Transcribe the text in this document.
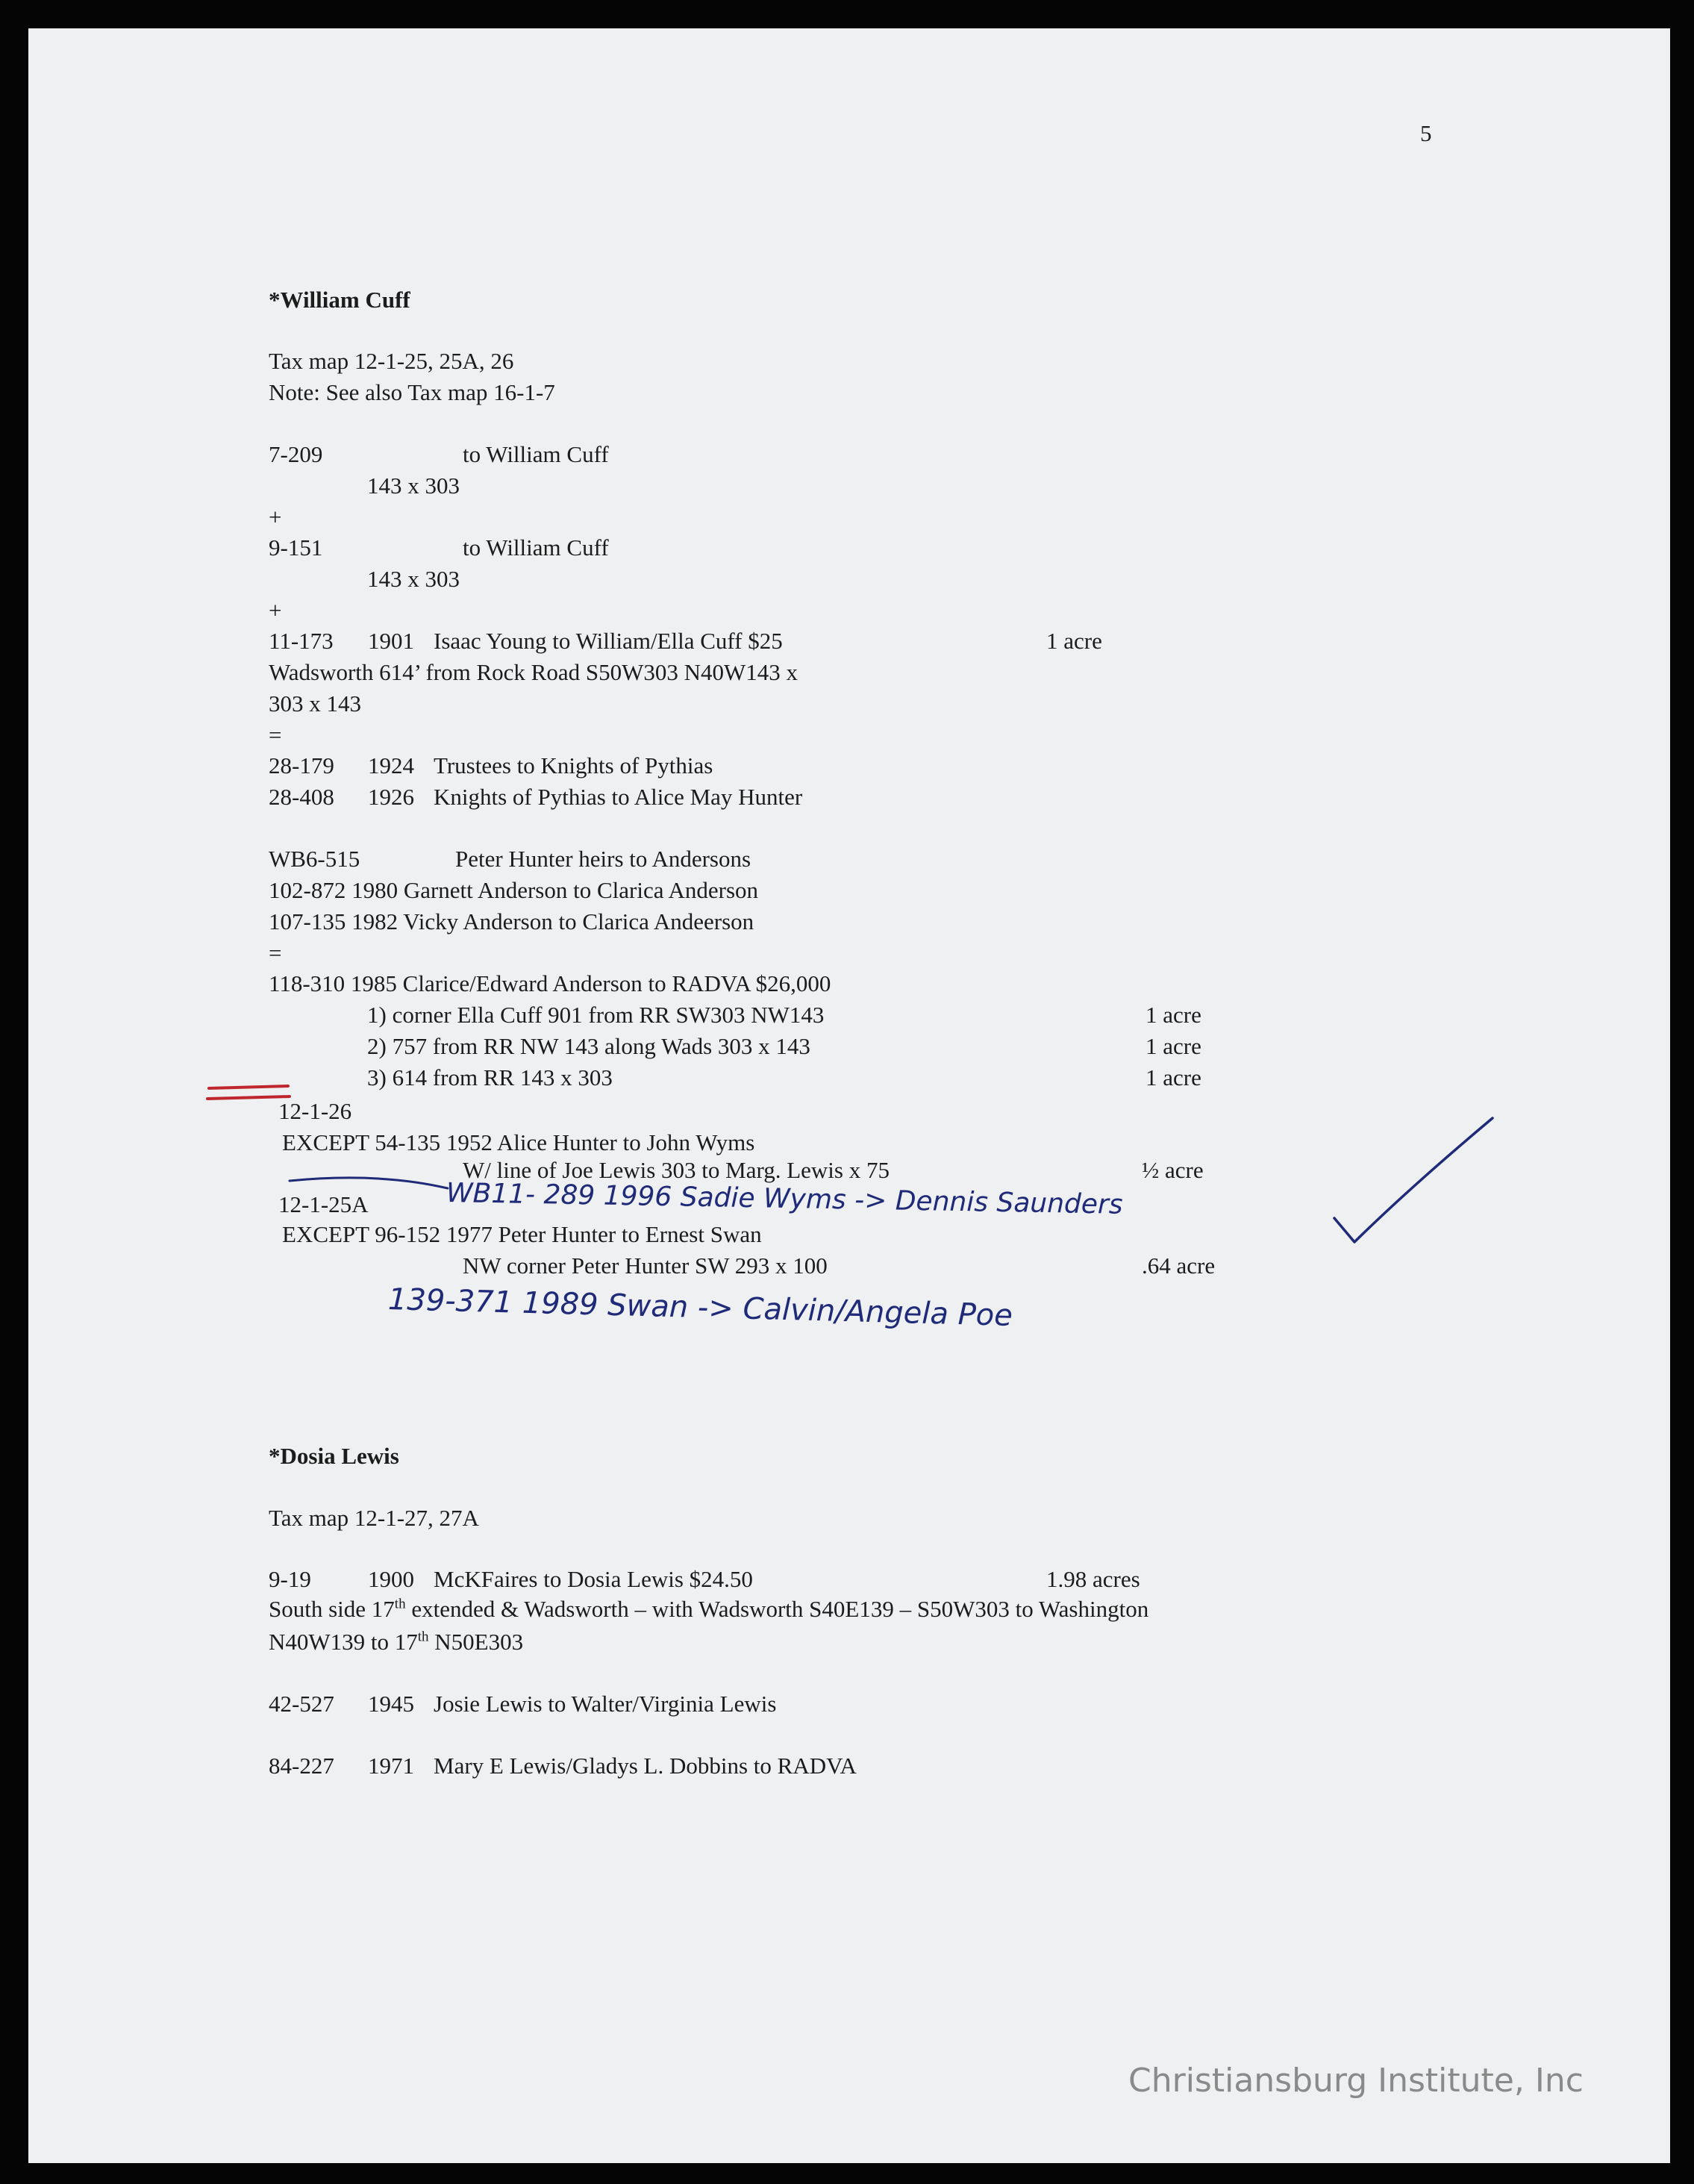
5
*William Cuff
Tax map 12-1-25, 25A, 26
Note: See also Tax map 16-1-7
7-209	to William Cuff
143 x 303
+
9-151	to William Cuff
143 x 303
+
11-173 1901 Isaac Young to William/Ella Cuff $25	1 acre
Wadsworth 614’ from Rock Road S50W303 N40W143 x
303 x 143
=
28-179 1924 Trustees to Knights of Pythias
28-408 1926 Knights of Pythias to Alice May Hunter
WB6-515	Peter Hunter heirs to Andersons
102-872 1980 Garnett Anderson to Clarica Anderson
107-135 1982 Vicky Anderson to Clarica Andeerson
=
118-310 1985 Clarice/Edward Anderson to RADVA $26,000
1) corner Ella Cuff 901 from RR SW303 NW143	1 acre
2) 757 from RR NW 143 along Wads 303 x 143	1 acre
3) 614 from RR 143 x 303	1 acre
12-1-26
EXCEPT 54-135 1952 Alice Hunter to John Wyms
W/ line of Joe Lewis 303 to Marg. Lewis x 75	½ acre
12-1-25A
EXCEPT 96-152 1977 Peter Hunter to Ernest Swan
NW corner Peter Hunter SW 293 x 100	.64 acre
WB11- 289 1996 Sadie Wyms -> Dennis Saunders
139-371 1989 Swan -> Calvin/Angela Poe
*Dosia Lewis
Tax map 12-1-27, 27A
9-19 1900 McKFaires to Dosia Lewis $24.50	1.98 acres
South side 17th extended & Wadsworth – with Wadsworth S40E139 – S50W303 to Washington
N40W139 to 17th N50E303
42-527 1945 Josie Lewis to Walter/Virginia Lewis
84-227 1971 Mary E Lewis/Gladys L. Dobbins to RADVA
Christiansburg Institute, Inc
